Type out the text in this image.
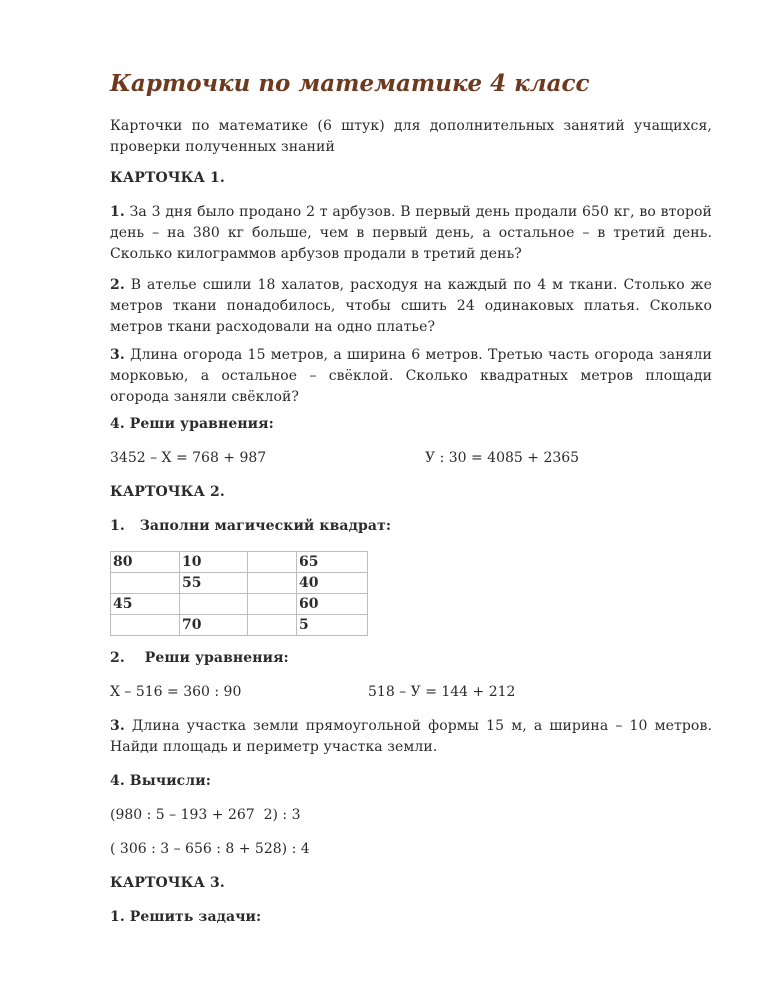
Карточки по математике 4 класс

Карточки по математике (6 штук) для дополнительных занятий учащихся, проверки полученных знаний

КАРТОЧКА 1.

1. За 3 дня было продано 2 т арбузов. В первый день продали 650 кг, во второй день – на 380 кг больше, чем в первый день, а остальное – в третий день. Сколько килограммов арбузов продали в третий день?

2. В ателье сшили 18 халатов, расходуя на каждый по 4 м ткани. Столько же метров ткани понадобилось, чтобы сшить 24 одинаковых платья. Сколько метров ткани расходовали на одно платье?

3. Длина огорода 15 метров, а ширина 6 метров. Третью часть огорода заняли морковью, а остальное – свёклой. Сколько квадратных метров площади огорода заняли свёклой?

4. Реши уравнения:

3452 – Х = 768 + 987	У : 30 = 4085 + 2365

КАРТОЧКА 2.

1.   Заполни магический квадрат:

80	10		65
	55		40
45			60
	70		5

2.    Реши уравнения:

Х – 516 = 360 : 90	518 – У = 144 + 212

3. Длина участка земли прямоугольной формы 15 м, а ширина – 10 метров. Найди площадь и периметр участка земли.

4. Вычисли:

(980 : 5 – 193 + 267  2) : 3

( 306 : 3 – 656 : 8 + 528) : 4

КАРТОЧКА 3.

1. Решить задачи:
